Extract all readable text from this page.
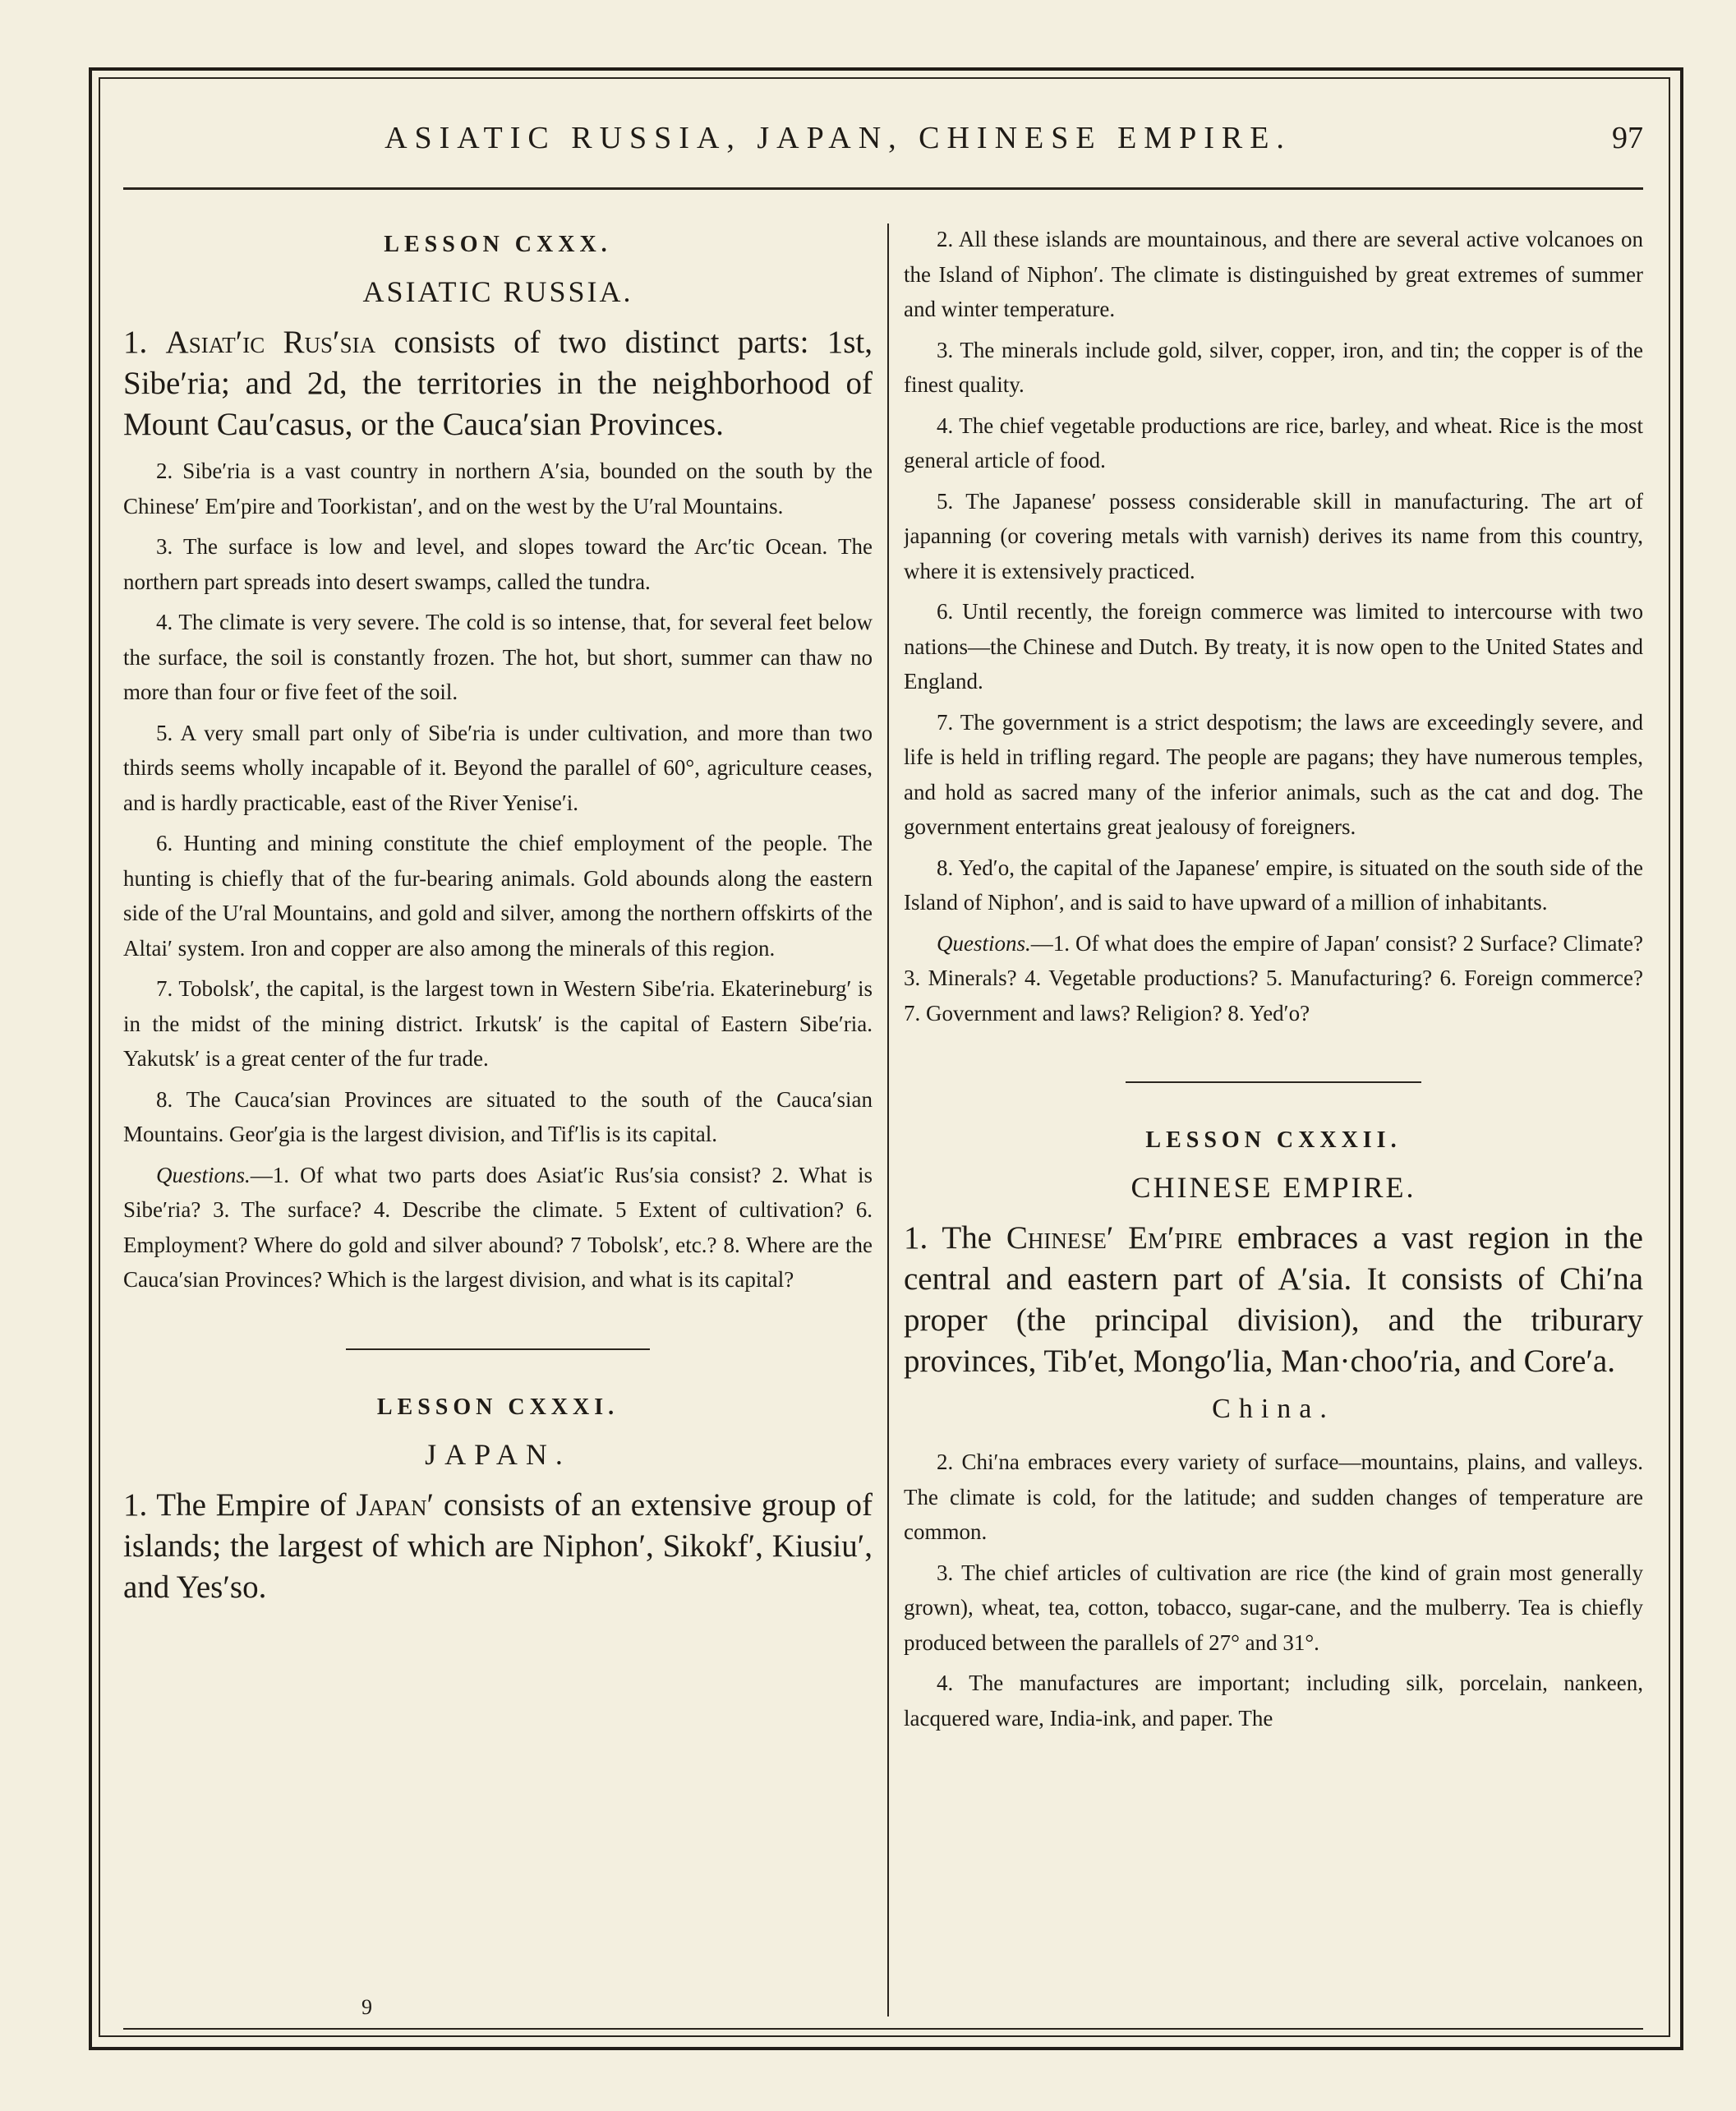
ASIATIC RUSSIA, JAPAN, CHINESE EMPIRE.	97
LESSON CXXX.
ASIATIC RUSSIA.

1. Asiat′ic Rus′sia consists of two distinct parts: 1st, Sibe′ria; and 2d, the territories in the neighborhood of Mount Cau′casus, or the Cauca′sian Provinces.

2. Sibe′ria is a vast country in northern A′sia, bounded on the south by the Chinese′ Em′pire and Toorkistan′, and on the west by the U′ral Mountains.

3. The surface is low and level, and slopes toward the Arc′tic Ocean. The northern part spreads into desert swamps, called the tundra.

4. The climate is very severe. The cold is so intense, that, for several feet below the surface, the soil is constantly frozen. The hot, but short, summer can thaw no more than four or five feet of the soil.

5. A very small part only of Sibe′ria is under cultivation, and more than two thirds seems wholly incapable of it. Beyond the parallel of 60°, agriculture ceases, and is hardly practicable, east of the River Yenise′i.

6. Hunting and mining constitute the chief employment of the people. The hunting is chiefly that of the fur-bearing animals. Gold abounds along the eastern side of the U′ral Mountains, and gold and silver, among the northern offskirts of the Altai′ system. Iron and copper are also among the minerals of this region.

7. Tobolsk′, the capital, is the largest town in Western Sibe′ria. Ekaterineburg′ is in the midst of the mining district. Irkutsk′ is the capital of Eastern Sibe′ria. Yakutsk′ is a great center of the fur trade.

8. The Cauca′sian Provinces are situated to the south of the Cauca′sian Mountains. Geor′gia is the largest division, and Tif′lis is its capital.

Questions.—1. Of what two parts does Asiat′ic Rus′sia consist? 2. What is Sibe′ria? 3. The surface? 4. Describe the climate. 5 Extent of cultivation? 6. Employment? Where do gold and silver abound? 7 Tobolsk′, etc.? 8. Where are the Cauca′sian Provinces? Which is the largest division, and what is its capital?

LESSON CXXXI.
JAPAN.

1. The Empire of Japan′ consists of an extensive group of islands; the largest of which are Niphon′, Sikokf′, Kiusiu′, and Yes′so.

9

2. All these islands are mountainous, and there are several active volcanoes on the Island of Niphon′. The climate is distinguished by great extremes of summer and winter temperature.

3. The minerals include gold, silver, copper, iron, and tin; the copper is of the finest quality.

4. The chief vegetable productions are rice, barley, and wheat. Rice is the most general article of food.

5. The Japanese′ possess considerable skill in manufacturing. The art of japanning (or covering metals with varnish) derives its name from this country, where it is extensively practiced.

6. Until recently, the foreign commerce was limited to intercourse with two nations—the Chinese and Dutch. By treaty, it is now open to the United States and England.

7. The government is a strict despotism; the laws are exceedingly severe, and life is held in trifling regard. The people are pagans; they have numerous temples, and hold as sacred many of the inferior animals, such as the cat and dog. The government entertains great jealousy of foreigners.

8. Yed′o, the capital of the Japanese′ empire, is situated on the south side of the Island of Niphon′, and is said to have upward of a million of inhabitants.

Questions.—1. Of what does the empire of Japan′ consist? 2 Surface? Climate? 3. Minerals? 4. Vegetable productions? 5. Manufacturing? 6. Foreign commerce? 7. Government and laws? Religion? 8. Yed′o?

LESSON CXXXII.
CHINESE EMPIRE.

1. The Chinese′ Em′pire embraces a vast region in the central and eastern part of A′sia. It consists of Chi′na proper (the principal division), and the triburary provinces, Tib′et, Mongo′lia, Man·choo′ria, and Core′a.

China.

2. Chi′na embraces every variety of surface—mountains, plains, and valleys. The climate is cold, for the latitude; and sudden changes of temperature are common.

3. The chief articles of cultivation are rice (the kind of grain most generally grown), wheat, tea, cotton, tobacco, sugar-cane, and the mulberry. Tea is chiefly produced between the parallels of 27° and 31°.

4. The manufactures are important; including silk, porcelain, nankeen, lacquered ware, India-ink, and paper. The
